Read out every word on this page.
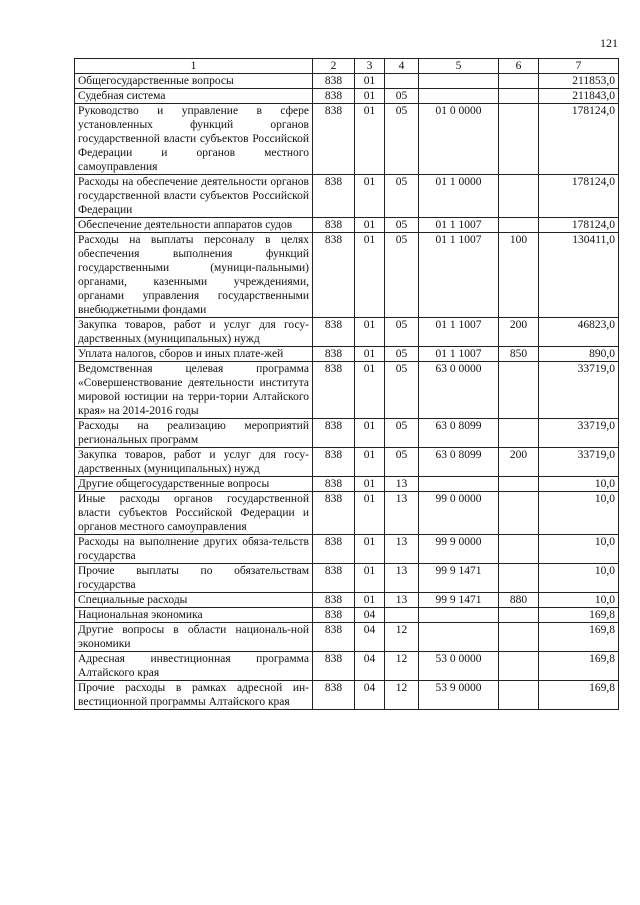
121
1	2	3	4	5	6	7
Общегосударственные вопросы	838	01				211853,0
Судебная система	838	01	05			211843,0
Руководство и управление в сфере установленных функций органов государственной власти субъектов Российской Федерации и органов местного самоуправления	838	01	05	01 0 0000		178124,0
Расходы на обеспечение деятельности органов государственной власти субъектов Российской Федерации	838	01	05	01 1 0000		178124,0
Обеспечение деятельности аппаратов судов	838	01	05	01 1 1007		178124,0
Расходы на выплаты персоналу в целях обеспечения выполнения функций государственными (муници-пальными) органами, казенными учреждениями, органами управления государственными внебюджетными фондами	838	01	05	01 1 1007	100	130411,0
Закупка товаров, работ и услуг для госу-дарственных (муниципальных) нужд	838	01	05	01 1 1007	200	46823,0
Уплата налогов, сборов и иных плате-жей	838	01	05	01 1 1007	850	890,0
Ведомственная целевая программа «Совершенствование деятельности института мировой юстиции на терри-тории Алтайского края» на 2014-2016 годы	838	01	05	63 0 0000		33719,0
Расходы на реализацию мероприятий региональных программ	838	01	05	63 0 8099		33719,0
Закупка товаров, работ и услуг для госу-дарственных (муниципальных) нужд	838	01	05	63 0 8099	200	33719,0
Другие общегосударственные вопросы	838	01	13			10,0
Иные расходы органов государственной власти субъектов Российской Федерации и органов местного самоуправления	838	01	13	99 0 0000		10,0
Расходы на выполнение других обяза-тельств государства	838	01	13	99 9 0000		10,0
Прочие выплаты по обязательствам государства	838	01	13	99 9 1471		10,0
Специальные расходы	838	01	13	99 9 1471	880	10,0
Национальная экономика	838	04				169,8
Другие вопросы в области националь-ной экономики	838	04	12			169,8
Адресная инвестиционная программа Алтайского края	838	04	12	53 0 0000		169,8
Прочие расходы в рамках адресной ин-вестиционной программы Алтайского края	838	04	12	53 9 0000		169,8
